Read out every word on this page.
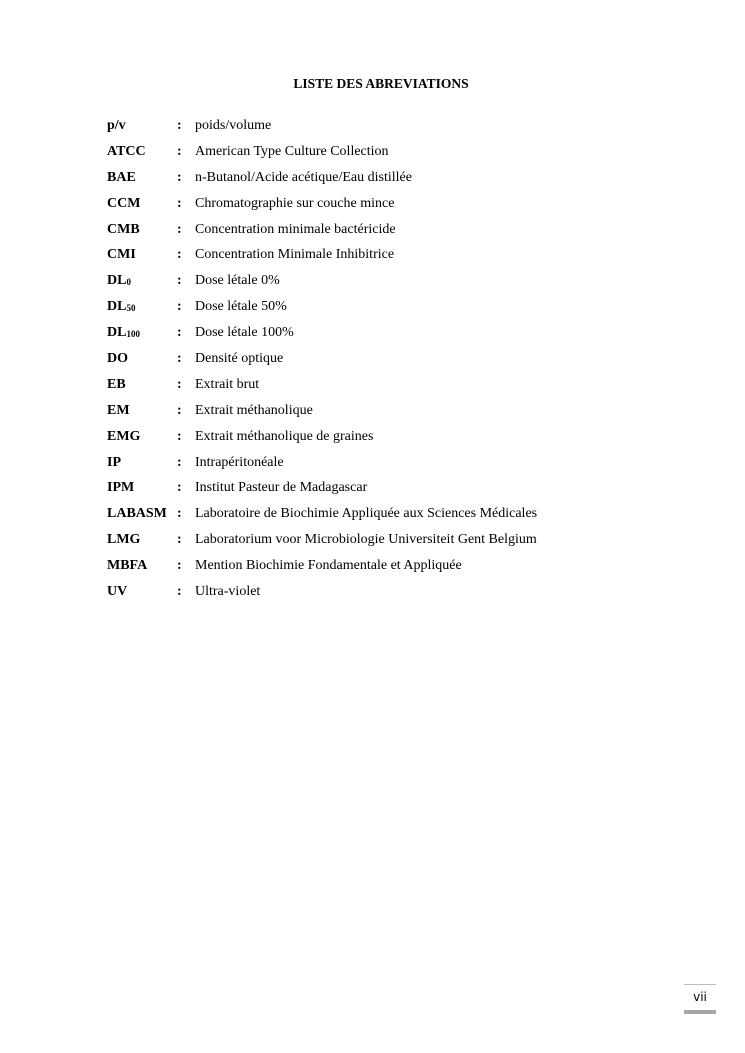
LISTE DES ABREVIATIONS
p/v	: poids/volume
ATCC : American Type Culture Collection
BAE	: n-Butanol/Acide acétique/Eau distillée
CCM	: Chromatographie sur couche mince
CMB	: Concentration minimale bactéricide
CMI	: Concentration Minimale Inhibitrice
$DL_0$	: Dose létale 0%
$DL_{50}$	: Dose létale 50%
$DL_{100}$	: Dose létale 100%
DO	: Densité optique
EB	: Extrait brut
EM	: Extrait méthanolique
EMG	: Extrait méthanolique de graines
IP	: Intrapéritonéale
IPM	: Institut Pasteur de Madagascar
LABASM : Laboratoire de Biochimie Appliquée aux Sciences Médicales
LMG	: Laboratorium voor Microbiologie Universiteit Gent Belgium
MBFA : Mention Biochimie Fondamentale et Appliquée
UV	: Ultra-violet
vii
